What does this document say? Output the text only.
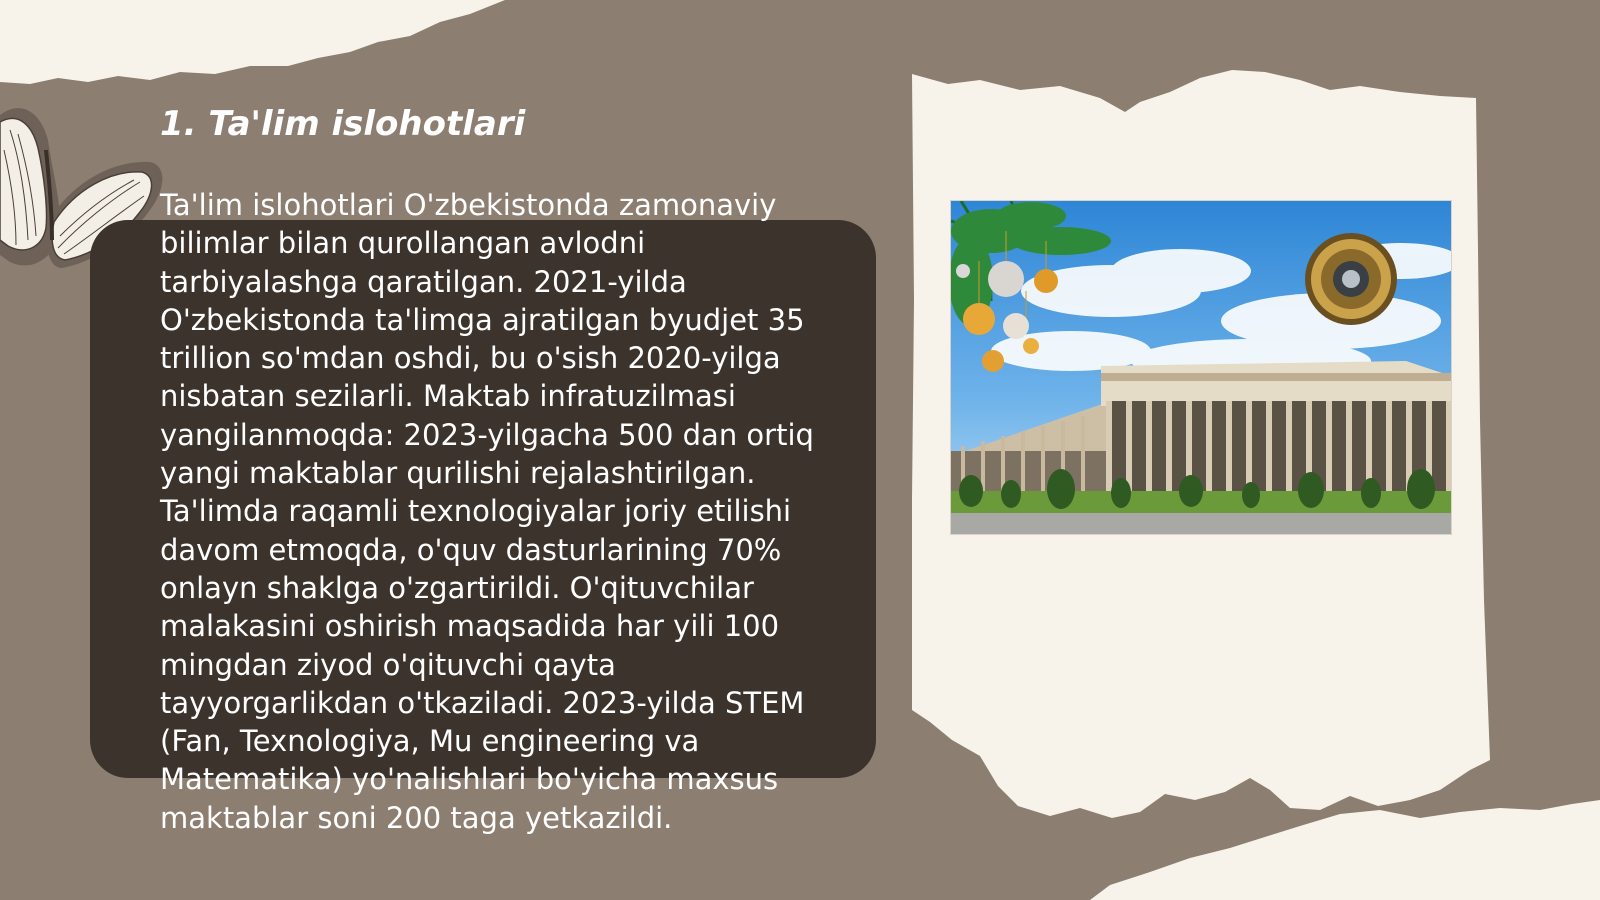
1. Ta'lim islohotlari

Ta'lim islohotlari O'zbekistonda zamonaviy bilimlar bilan qurollangan avlodni tarbiyalashga qaratilgan. 2021-yilda O'zbekistonda ta'limga ajratilgan byudjet 35 trillion so'mdan oshdi, bu o'sish 2020-yilga nisbatan sezilarli. Maktab infratuzilmasi yangilanmoqda: 2023-yilgacha 500 dan ortiq yangi maktablar qurilishi rejalashtirilgan. Ta'limda raqamli texnologiyalar joriy etilishi davom etmoqda, o'quv dasturlarining 70% onlayn shaklga o'zgartirildi. O'qituvchilar malakasini oshirish maqsadida har yili 100 mingdan ziyod o'qituvchi qayta tayyorgarlikdan o'tkaziladi. 2023-yilda STEM (Fan, Texnologiya, Mu engineering va Matematika) yo'nalishlari bo'yicha maxsus maktablar soni 200 taga yetkazildi.
